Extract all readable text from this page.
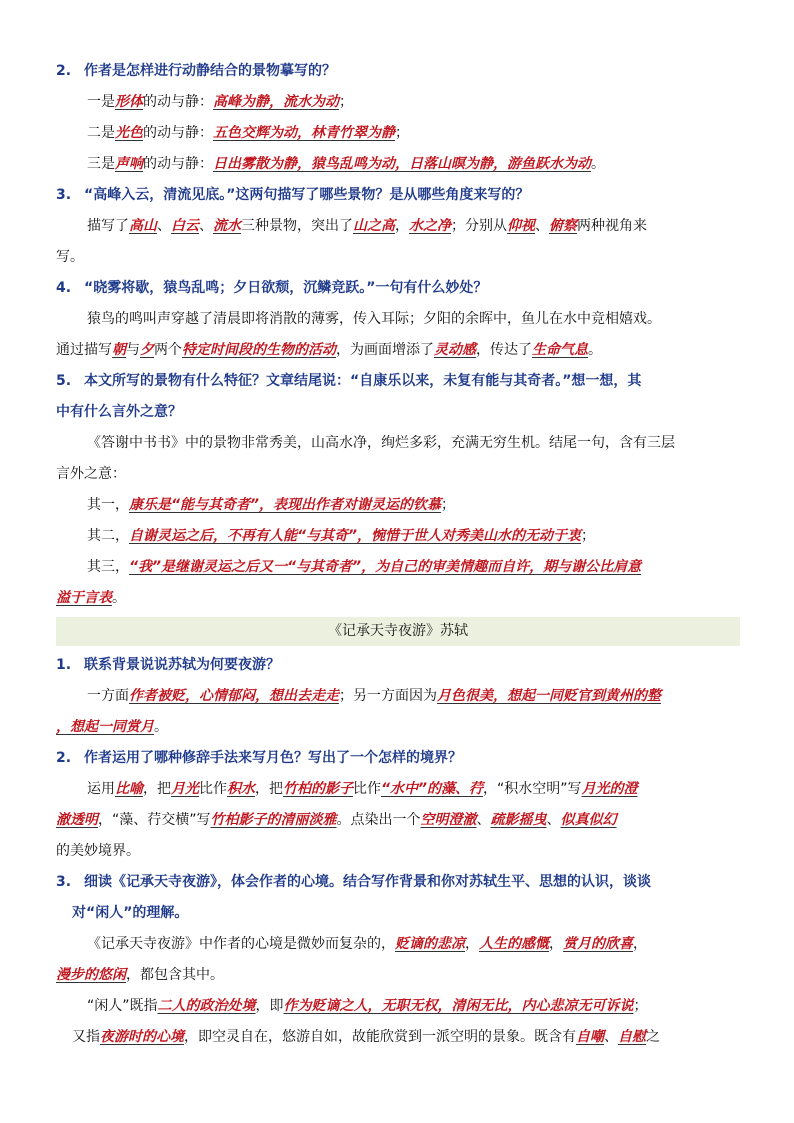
2. 作者是怎样进行动静结合的景物摹写的？
一是形体的动与静：高峰为静，流水为动；
二是光色的动与静：五色交辉为动，林青竹翠为静；
三是声响的动与静：日出雾散为静，猿鸟乱鸣为动，日落山暝为静，游鱼跃水为动。
3. “高峰入云，清流见底。”这两句描写了哪些景物？是从哪些角度来写的？
描写了高山、白云、流水三种景物，突出了山之高，水之净；分别从仰视、俯察两种视角来
写。
4. “晓雾将歇，猿鸟乱鸣；夕日欲颓，沉鳞竞跃。”一句有什么妙处？
猿鸟的鸣叫声穿越了清晨即将消散的薄雾，传入耳际；夕阳的余晖中，鱼儿在水中竞相嬉戏。
通过描写朝与夕两个特定时间段的生物的活动，为画面增添了灵动感，传达了生命气息。
5. 本文所写的景物有什么特征？文章结尾说：“自康乐以来，未复有能与其奇者。”想一想，其
中有什么言外之意？
《答谢中书书》中的景物非常秀美，山高水净，绚烂多彩，充满无穷生机。结尾一句，含有三层
言外之意：
其一，康乐是“能与其奇者”，表现出作者对谢灵运的钦慕；
其二，自谢灵运之后，不再有人能“与其奇”，惋惜于世人对秀美山水的无动于衷；
其三，“我”是继谢灵运之后又一“与其奇者”，为自己的审美情趣而自许，期与谢公比肩意
溢于言表。
《记承天寺夜游》苏轼
1. 联系背景说说苏轼为何要夜游？
一方面作者被贬，心情郁闷，想出去走走；另一方面因为月色很美，想起一同贬官到黄州的整
，想起一同赏月。
2. 作者运用了哪种修辞手法来写月色？写出了一个怎样的境界？
运用比喻，把月光比作积水，把竹柏的影子比作“水中”的藻、荇，“积水空明”写月光的澄
澈透明，“藻、荇交横”写竹柏影子的清丽淡雅。点染出一个空明澄澈、疏影摇曳、似真似幻
的美妙境界。
3. 细读《记承天寺夜游》，体会作者的心境。结合写作背景和你对苏轼生平、思想的认识，谈谈
对“闲人”的理解。
《记承天寺夜游》中作者的心境是微妙而复杂的，贬谪的悲凉，人生的感慨，赏月的欣喜，
漫步的悠闲，都包含其中。
“闲人”既指二人的政治处境，即作为贬谪之人，无职无权，清闲无比，内心悲凉无可诉说；
又指夜游时的心境，即空灵自在，悠游自如，故能欣赏到一派空明的景象。既含有自嘲、自慰之
